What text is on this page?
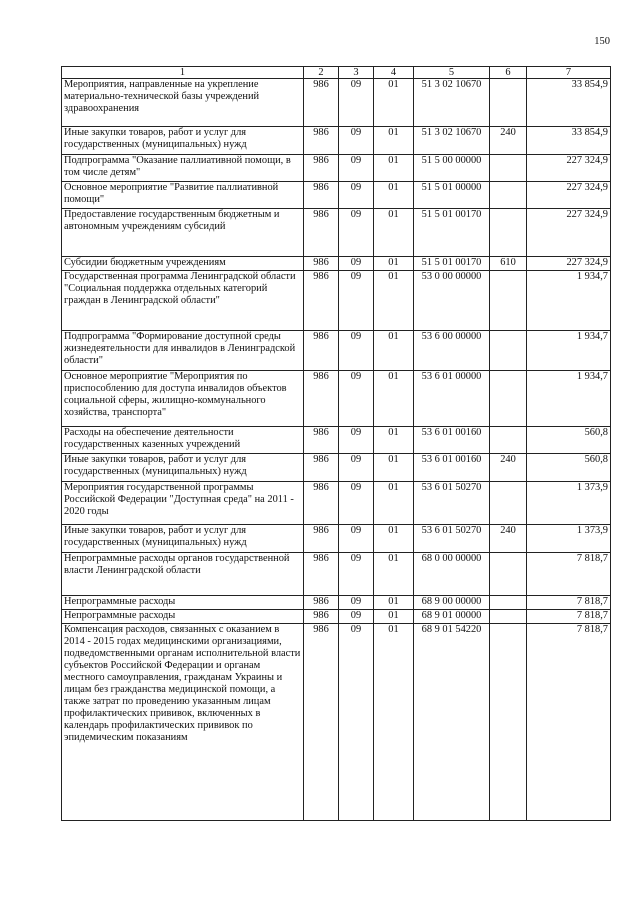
150
1	2	3	4	5	6	7
Мероприятия, направленные на укрепление материально-технической базы учреждений здравоохранения	986	09	01	51 3 02 10670		33 854,9
Иные закупки товаров, работ и услуг для государственных (муниципальных) нужд	986	09	01	51 3 02 10670	240	33 854,9
Подпрограмма "Оказание паллиативной помощи, в том числе детям"	986	09	01	51 5 00 00000		227 324,9
Основное мероприятие "Развитие паллиативной помощи"	986	09	01	51 5 01 00000		227 324,9
Предоставление государственным бюджетным и автономным учреждениям субсидий	986	09	01	51 5 01 00170		227 324,9
Субсидии бюджетным учреждениям	986	09	01	51 5 01 00170	610	227 324,9
Государственная программа Ленинградской области "Социальная поддержка отдельных категорий граждан в Ленинградской области"	986	09	01	53 0 00 00000		1 934,7
Подпрограмма "Формирование доступной среды жизнедеятельности для инвалидов в Ленинградской области"	986	09	01	53 6 00 00000		1 934,7
Основное мероприятие "Мероприятия по приспособлению для доступа инвалидов объектов социальной сферы, жилищно-коммунального хозяйства, транспорта"	986	09	01	53 6 01 00000		1 934,7
Расходы на обеспечение деятельности государственных казенных учреждений	986	09	01	53 6 01 00160		560,8
Иные закупки товаров, работ и услуг для государственных (муниципальных) нужд	986	09	01	53 6 01 00160	240	560,8
Мероприятия государственной программы Российской Федерации "Доступная среда" на 2011 - 2020 годы	986	09	01	53 6 01 50270		1 373,9
Иные закупки товаров, работ и услуг для государственных (муниципальных) нужд	986	09	01	53 6 01 50270	240	1 373,9
Непрограммные расходы органов государственной власти Ленинградской области	986	09	01	68 0 00 00000		7 818,7
Непрограммные расходы	986	09	01	68 9 00 00000		7 818,7
Непрограммные расходы	986	09	01	68 9 01 00000		7 818,7
Компенсация расходов, связанных с оказанием в 2014 - 2015 годах медицинскими организациями, подведомственными органам исполнительной власти субъектов Российской Федерации и органам местного самоуправления, гражданам Украины и лицам без гражданства медицинской помощи, а также затрат по проведению указанным лицам профилактических прививок, включенных в календарь профилактических прививок по эпидемическим показаниям	986	09	01	68 9 01 54220		7 818,7
